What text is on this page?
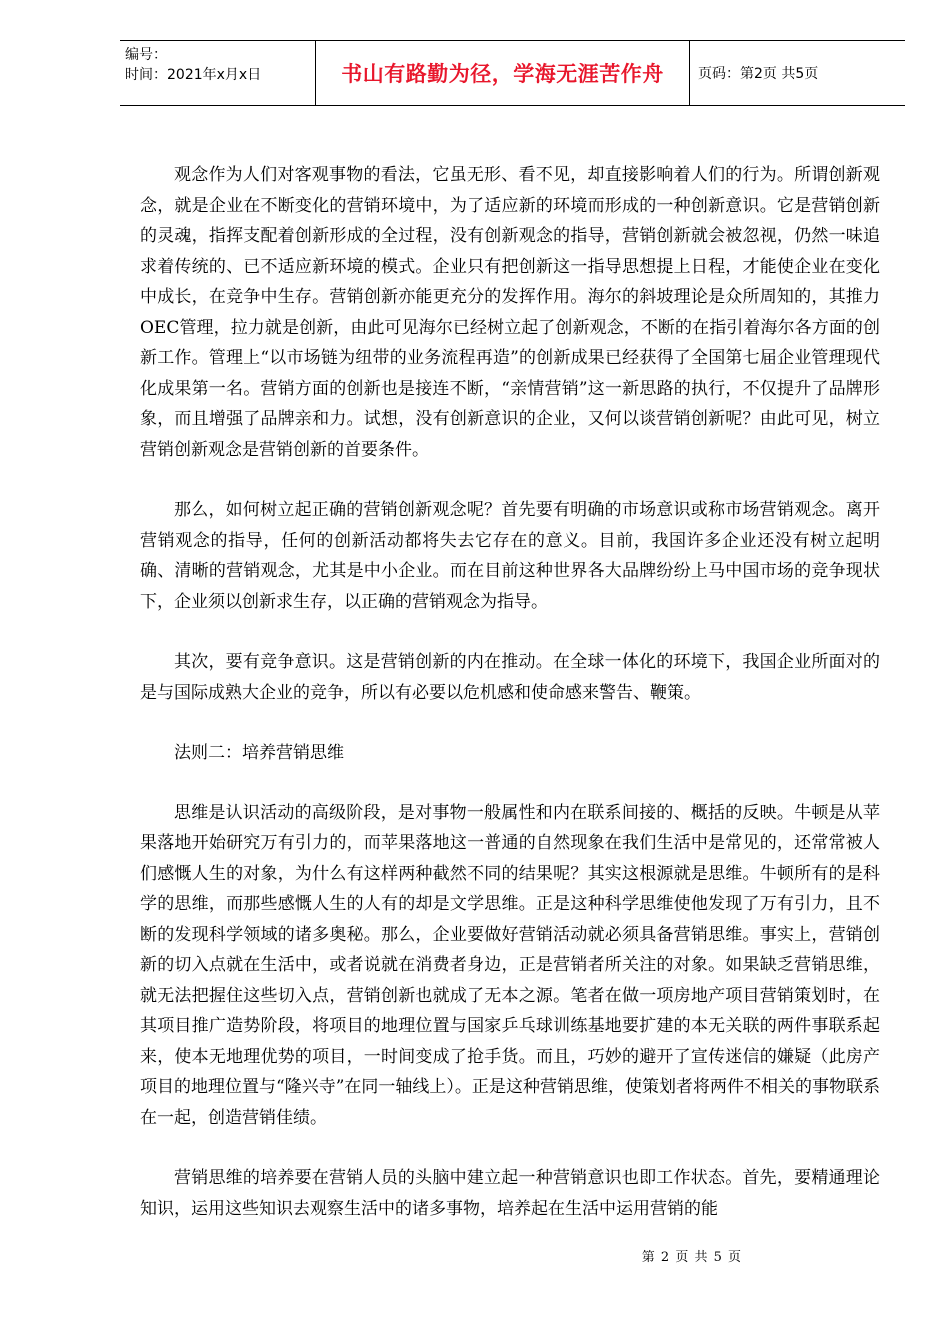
编号：
时间：2021年x月x日	书山有路勤为径，学海无涯苦作舟	页码：第2页 共5页

观念作为人们对客观事物的看法，它虽无形、看不见，却直接影响着人们的行为。所谓创新观念，就是企业在不断变化的营销环境中，为了适应新的环境而形成的一种创新意识。它是营销创新的灵魂，指挥支配着创新形成的全过程，没有创新观念的指导，营销创新就会被忽视，仍然一味追求着传统的、已不适应新环境的模式。企业只有把创新这一指导思想提上日程，才能使企业在变化中成长，在竞争中生存。营销创新亦能更充分的发挥作用。海尔的斜坡理论是众所周知的，其推力OEC管理，拉力就是创新，由此可见海尔已经树立起了创新观念，不断的在指引着海尔各方面的创新工作。管理上“以市场链为纽带的业务流程再造”的创新成果已经获得了全国第七届企业管理现代化成果第一名。营销方面的创新也是接连不断，“亲情营销”这一新思路的执行，不仅提升了品牌形象，而且增强了品牌亲和力。试想，没有创新意识的企业，又何以谈营销创新呢？由此可见，树立营销创新观念是营销创新的首要条件。

那么，如何树立起正确的营销创新观念呢？首先要有明确的市场意识或称市场营销观念。离开营销观念的指导，任何的创新活动都将失去它存在的意义。目前，我国许多企业还没有树立起明确、清晰的营销观念，尤其是中小企业。而在目前这种世界各大品牌纷纷上马中国市场的竞争现状下，企业须以创新求生存，以正确的营销观念为指导。

其次，要有竞争意识。这是营销创新的内在推动。在全球一体化的环境下，我国企业所面对的是与国际成熟大企业的竞争，所以有必要以危机感和使命感来警告、鞭策。

法则二：培养营销思维

思维是认识活动的高级阶段，是对事物一般属性和内在联系间接的、概括的反映。牛顿是从苹果落地开始研究万有引力的，而苹果落地这一普通的自然现象在我们生活中是常见的，还常常被人们感慨人生的对象，为什么有这样两种截然不同的结果呢？其实这根源就是思维。牛顿所有的是科学的思维，而那些感慨人生的人有的却是文学思维。正是这种科学思维使他发现了万有引力，且不断的发现科学领域的诸多奥秘。那么，企业要做好营销活动就必须具备营销思维。事实上，营销创新的切入点就在生活中，或者说就在消费者身边，正是营销者所关注的对象。如果缺乏营销思维，就无法把握住这些切入点，营销创新也就成了无本之源。笔者在做一项房地产项目营销策划时，在其项目推广造势阶段，将项目的地理位置与国家乒乓球训练基地要扩建的本无关联的两件事联系起来，使本无地理优势的项目，一时间变成了抢手货。而且，巧妙的避开了宣传迷信的嫌疑（此房产项目的地理位置与“隆兴寺”在同一轴线上）。正是这种营销思维，使策划者将两件不相关的事物联系在一起，创造营销佳绩。

营销思维的培养要在营销人员的头脑中建立起一种营销意识也即工作状态。首先，要精通理论知识，运用这些知识去观察生活中的诸多事物，培养起在生活中运用营销的能

第 2 页 共 5 页
